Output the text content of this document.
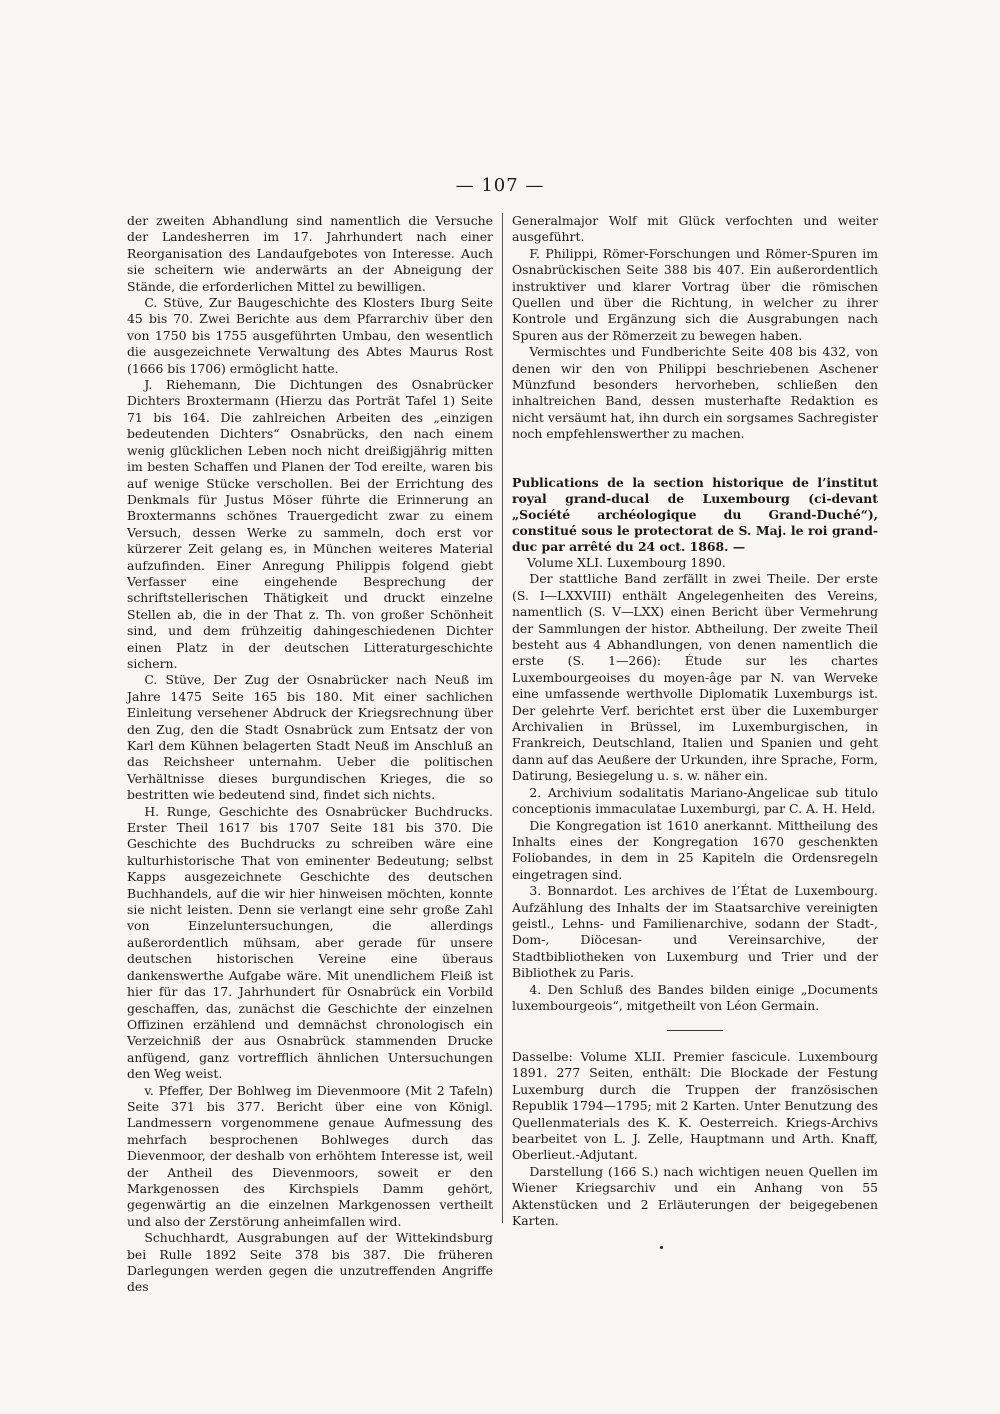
— 107 —

der zweiten Abhandlung sind namentlich die Versuche der Landesherren im 17. Jahrhundert nach einer Reorganisation des Landaufgebotes von Interesse. Auch sie scheitern wie anderwärts an der Abneigung der Stände, die erforderlichen Mittel zu bewilligen.

C. Stüve, Zur Baugeschichte des Klosters Iburg Seite 45 bis 70. Zwei Berichte aus dem Pfarrarchiv über den von 1750 bis 1755 ausgeführten Umbau, den wesentlich die ausgezeichnete Verwaltung des Abtes Maurus Rost (1666 bis 1706) ermöglicht hatte.

J. Riehemann, Die Dichtungen des Osnabrücker Dichters Broxtermann (Hierzu das Porträt Tafel 1) Seite 71 bis 164. Die zahlreichen Arbeiten des „einzigen bedeutenden Dichters“ Osnabrücks, den nach einem wenig glücklichen Leben noch nicht dreißigjährig mitten im besten Schaffen und Planen der Tod ereilte, waren bis auf wenige Stücke verschollen. Bei der Errichtung des Denkmals für Justus Möser führte die Erinnerung an Broxtermanns schönes Trauergedicht zwar zu einem Versuch, dessen Werke zu sammeln, doch erst vor kürzerer Zeit gelang es, in München weiteres Material aufzufinden. Einer Anregung Philippis folgend giebt Verfasser eine eingehende Besprechung der schriftstellerischen Thätigkeit und druckt einzelne Stellen ab, die in der That z. Th. von großer Schönheit sind, und dem frühzeitig dahingeschiedenen Dichter einen Platz in der deutschen Litteraturgeschichte sichern.

C. Stüve, Der Zug der Osnabrücker nach Neuß im Jahre 1475 Seite 165 bis 180. Mit einer sachlichen Einleitung versehener Abdruck der Kriegsrechnung über den Zug, den die Stadt Osnabrück zum Entsatz der von Karl dem Kühnen belagerten Stadt Neuß im Anschluß an das Reichsheer unternahm. Ueber die politischen Verhältnisse dieses burgundischen Krieges, die so bestritten wie bedeutend sind, findet sich nichts.

H. Runge, Geschichte des Osnabrücker Buchdrucks. Erster Theil 1617 bis 1707 Seite 181 bis 370. Die Geschichte des Buchdrucks zu schreiben wäre eine kulturhistorische That von eminenter Bedeutung; selbst Kapps ausgezeichnete Geschichte des deutschen Buchhandels, auf die wir hier hinweisen möchten, konnte sie nicht leisten. Denn sie verlangt eine sehr große Zahl von Einzeluntersuchungen, die allerdings außerordentlich mühsam, aber gerade für unsere deutschen historischen Vereine eine überaus dankenswerthe Aufgabe wäre. Mit unendlichem Fleiß ist hier für das 17. Jahrhundert für Osnabrück ein Vorbild geschaffen, das, zunächst die Geschichte der einzelnen Offizinen erzählend und demnächst chronologisch ein Verzeichniß der aus Osnabrück stammenden Drucke anfügend, ganz vortrefflich ähnlichen Untersuchungen den Weg weist.

v. Pfeffer, Der Bohlweg im Dievenmoore (Mit 2 Tafeln) Seite 371 bis 377. Bericht über eine von Königl. Landmessern vorgenommene genaue Aufmessung des mehrfach besprochenen Bohlweges durch das Dievenmoor, der deshalb von erhöhtem Interesse ist, weil der Antheil des Dievenmoors, soweit er den Markgenossen des Kirchspiels Damm gehört, gegenwärtig an die einzelnen Markgenossen vertheilt und also der Zerstörung anheimfallen wird.

Schuchhardt, Ausgrabungen auf der Wittekindsburg bei Rulle 1892 Seite 378 bis 387. Die früheren Darlegungen werden gegen die unzutreffenden Angriffe des

Generalmajor Wolf mit Glück verfochten und weiter ausgeführt.

F. Philippi, Römer-Forschungen und Römer-Spuren im Osnabrückischen Seite 388 bis 407. Ein außerordentlich instruktiver und klarer Vortrag über die römischen Quellen und über die Richtung, in welcher zu ihrer Kontrole und Ergänzung sich die Ausgrabungen nach Spuren aus der Römerzeit zu bewegen haben.

Vermischtes und Fundberichte Seite 408 bis 432, von denen wir den von Philippi beschriebenen Aschener Münzfund besonders hervorheben, schließen den inhaltreichen Band, dessen musterhafte Redaktion es nicht versäumt hat, ihn durch ein sorgsames Sachregister noch empfehlenswerther zu machen.

Publications de la section historique de l’institut royal grand-ducal de Luxembourg (ci-devant „Société archéologique du Grand-Duché“), constitué sous le protectorat de S. Maj. le roi grand-duc par arrêté du 24 oct. 1868. —

Volume XLI. Luxembourg 1890.

Der stattliche Band zerfällt in zwei Theile. Der erste (S. I—LXXVIII) enthält Angelegenheiten des Vereins, namentlich (S. V—LXX) einen Bericht über Vermehrung der Sammlungen der histor. Abtheilung. Der zweite Theil besteht aus 4 Abhandlungen, von denen namentlich die erste (S. 1—266): Étude sur les chartes Luxembourgeoises du moyen-âge par N. van Werveke eine umfassende werthvolle Diplomatik Luxemburgs ist. Der gelehrte Verf. berichtet erst über die Luxemburger Archivalien in Brüssel, im Luxemburgischen, in Frankreich, Deutschland, Italien und Spanien und geht dann auf das Aeußere der Urkunden, ihre Sprache, Form, Datirung, Besiegelung u. s. w. näher ein.

2. Archivium sodalitatis Mariano-Angelicae sub titulo conceptionis immaculatae Luxemburgi, par C. A. H. Held.

Die Kongregation ist 1610 anerkannt. Mittheilung des Inhalts eines der Kongregation 1670 geschenkten Foliobandes, in dem in 25 Kapiteln die Ordensregeln eingetragen sind.

3. Bonnardot. Les archives de l’État de Luxembourg. Aufzählung des Inhalts der im Staatsarchive vereinigten geistl., Lehns- und Familienarchive, sodann der Stadt-, Dom-, Diöcesan- und Vereinsarchive, der Stadtbibliotheken von Luxemburg und Trier und der Bibliothek zu Paris.

4. Den Schluß des Bandes bilden einige „Documents luxembourgeois“, mitgetheilt von Léon Germain.

Dasselbe: Volume XLII. Premier fascicule. Luxembourg 1891. 277 Seiten, enthält: Die Blockade der Festung Luxemburg durch die Truppen der französischen Republik 1794—1795; mit 2 Karten. Unter Benutzung des Quellenmaterials des K. K. Oesterreich. Kriegs-Archivs bearbeitet von L. J. Zelle, Hauptmann und Arth. Knaff, Oberlieut.-Adjutant.

Darstellung (166 S.) nach wichtigen neuen Quellen im Wiener Kriegsarchiv und ein Anhang von 55 Aktenstücken und 2 Erläuterungen der beigegebenen Karten.
